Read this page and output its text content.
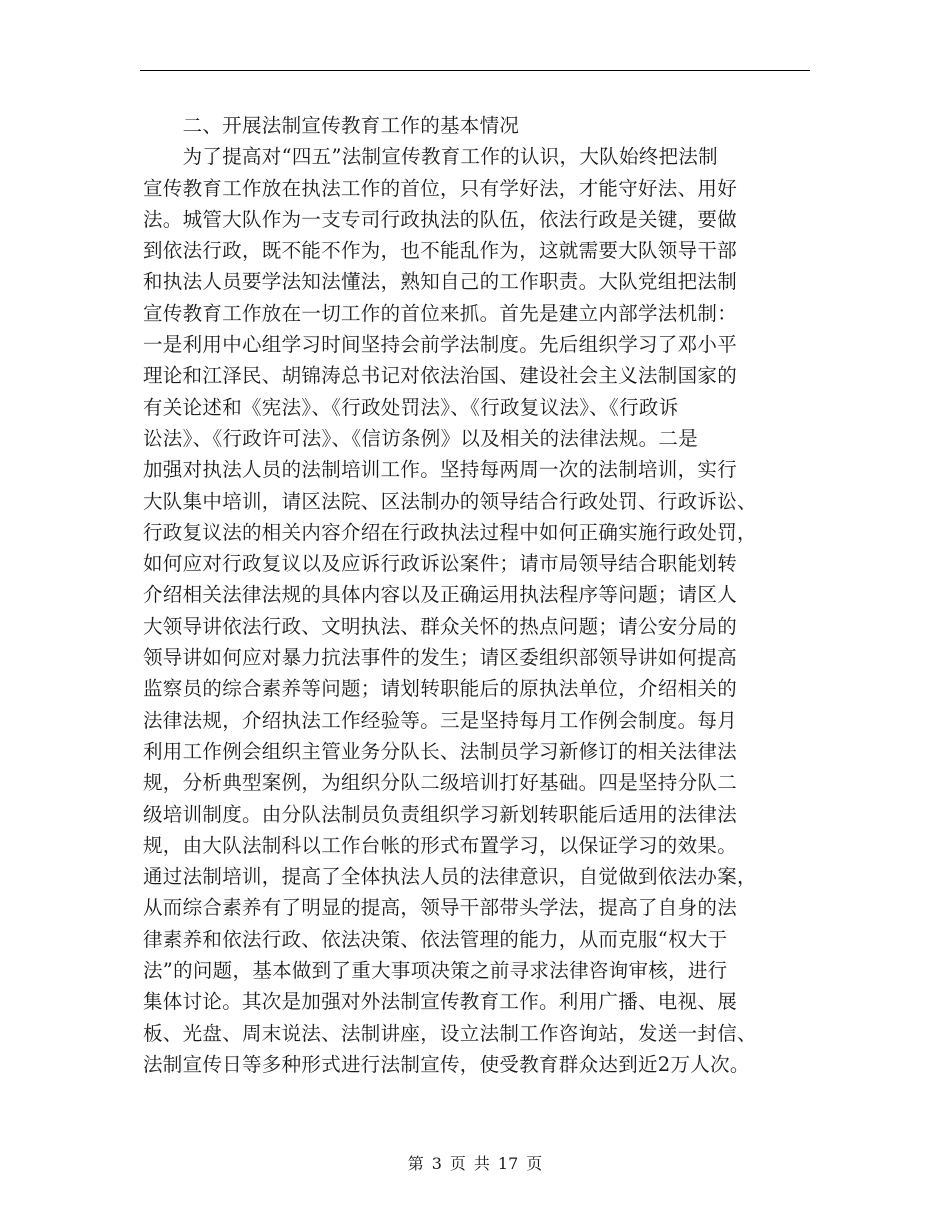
　　二、开展法制宣传教育工作的基本情况
　　为了提高对“四五”法制宣传教育工作的认识，大队始终把法制
宣传教育工作放在执法工作的首位，只有学好法，才能守好法、用好
法。城管大队作为一支专司行政执法的队伍，依法行政是关键，要做
到依法行政，既不能不作为，也不能乱作为，这就需要大队领导干部
和执法人员要学法知法懂法，熟知自己的工作职责。大队党组把法制
宣传教育工作放在一切工作的首位来抓。首先是建立内部学法机制：
一是利用中心组学习时间坚持会前学法制度。先后组织学习了邓小平
理论和江泽民、胡锦涛总书记对依法治国、建设社会主义法制国家的
有关论述和《宪法》、《行政处罚法》、《行政复议法》、《行政诉
讼法》、《行政许可法》、《信访条例》以及相关的法律法规。二是
加强对执法人员的法制培训工作。坚持每两周一次的法制培训，实行
大队集中培训，请区法院、区法制办的领导结合行政处罚、行政诉讼、
行政复议法的相关内容介绍在行政执法过程中如何正确实施行政处罚，
如何应对行政复议以及应诉行政诉讼案件；请市局领导结合职能划转
介绍相关法律法规的具体内容以及正确运用执法程序等问题；请区人
大领导讲依法行政、文明执法、群众关怀的热点问题；请公安分局的
领导讲如何应对暴力抗法事件的发生；请区委组织部领导讲如何提高
监察员的综合素养等问题；请划转职能后的原执法单位，介绍相关的
法律法规，介绍执法工作经验等。三是坚持每月工作例会制度。每月
利用工作例会组织主管业务分队长、法制员学习新修订的相关法律法
规，分析典型案例，为组织分队二级培训打好基础。四是坚持分队二
级培训制度。由分队法制员负责组织学习新划转职能后适用的法律法
规，由大队法制科以工作台帐的形式布置学习，以保证学习的效果。
通过法制培训，提高了全体执法人员的法律意识，自觉做到依法办案，
从而综合素养有了明显的提高，领导干部带头学法，提高了自身的法
律素养和依法行政、依法决策、依法管理的能力，从而克服“权大于
法”的问题，基本做到了重大事项决策之前寻求法律咨询审核，进行
集体讨论。其次是加强对外法制宣传教育工作。利用广播、电视、展
板、光盘、周末说法、法制讲座，设立法制工作咨询站，发送一封信、
法制宣传日等多种形式进行法制宣传，使受教育群众达到近2万人次。
第 3 页 共 17 页
